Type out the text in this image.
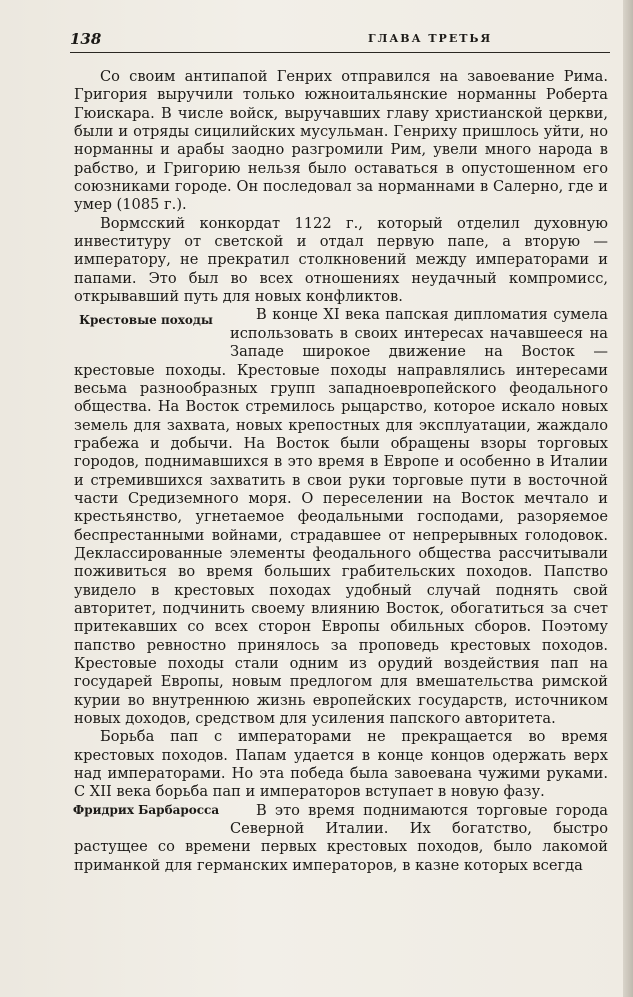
138	ГЛАВА ТРЕТЬЯ

Со своим антипапой Генрих отправился на завоевание Рима. Григория выручили только южноитальянские норманны Роберта Гюискара. В числе войск, выручавших главу христианской церкви, были и отряды сицилийских мусульман. Генриху пришлось уйти, но норманны и арабы заодно разгромили Рим, увели много народа в рабство, и Григорию нельзя было оставаться в опустошенном его союзниками городе. Он последовал за норманнами в Салерно, где и умер (1085 г.).

Вормсский конкордат 1122 г., который отделил духовную инвеституру от светской и отдал первую папе, а вторую — императору, не прекратил столкновений между императорами и папами. Это был во всех отношениях неудачный компромисс, открывавший путь для новых конфликтов.

Крестовые походы	В конце XI века папская дипломатия сумела использовать в своих интересах начавшееся на Западе широкое движение на Восток — крестовые походы. Крестовые походы направлялись интересами весьма разнообразных групп западноевропейского феодального общества. На Восток стремилось рыцарство, которое искало новых земель для захвата, новых крепостных для эксплуатации, жаждало грабежа и добычи. На Восток были обращены взоры торговых городов, поднимавшихся в это время в Европе и особенно в Италии и стремившихся захватить в свои руки торговые пути в восточной части Средиземного моря. О переселении на Восток мечтало и крестьянство, угнетаемое феодальными господами, разоряемое беспрестанными войнами, страдавшее от непрерывных голодовок. Деклассированные элементы феодального общества рассчитывали поживиться во время больших грабительских походов. Папство увидело в крестовых походах удобный случай поднять свой авторитет, подчинить своему влиянию Восток, обогатиться за счет притекавших со всех сторон Европы обильных сборов. Поэтому папство ревностно принялось за проповедь крестовых походов. Крестовые походы стали одним из орудий воздействия пап на государей Европы, новым предлогом для вмешательства римской курии во внутреннюю жизнь европейских государств, источником новых доходов, средством для усиления папского авторитета.

Борьба пап с императорами не прекращается во время крестовых походов. Папам удается в конце концов одержать верх над императорами. Но эта победа была завоевана чужими руками. С XII века борьба пап и императоров вступает в новую фазу.

Фридрих Барбаросса	В это время поднимаются торговые города Северной Италии. Их богатство, быстро растущее со времени первых крестовых походов, было лакомой приманкой для германских императоров, в казне которых всегда
